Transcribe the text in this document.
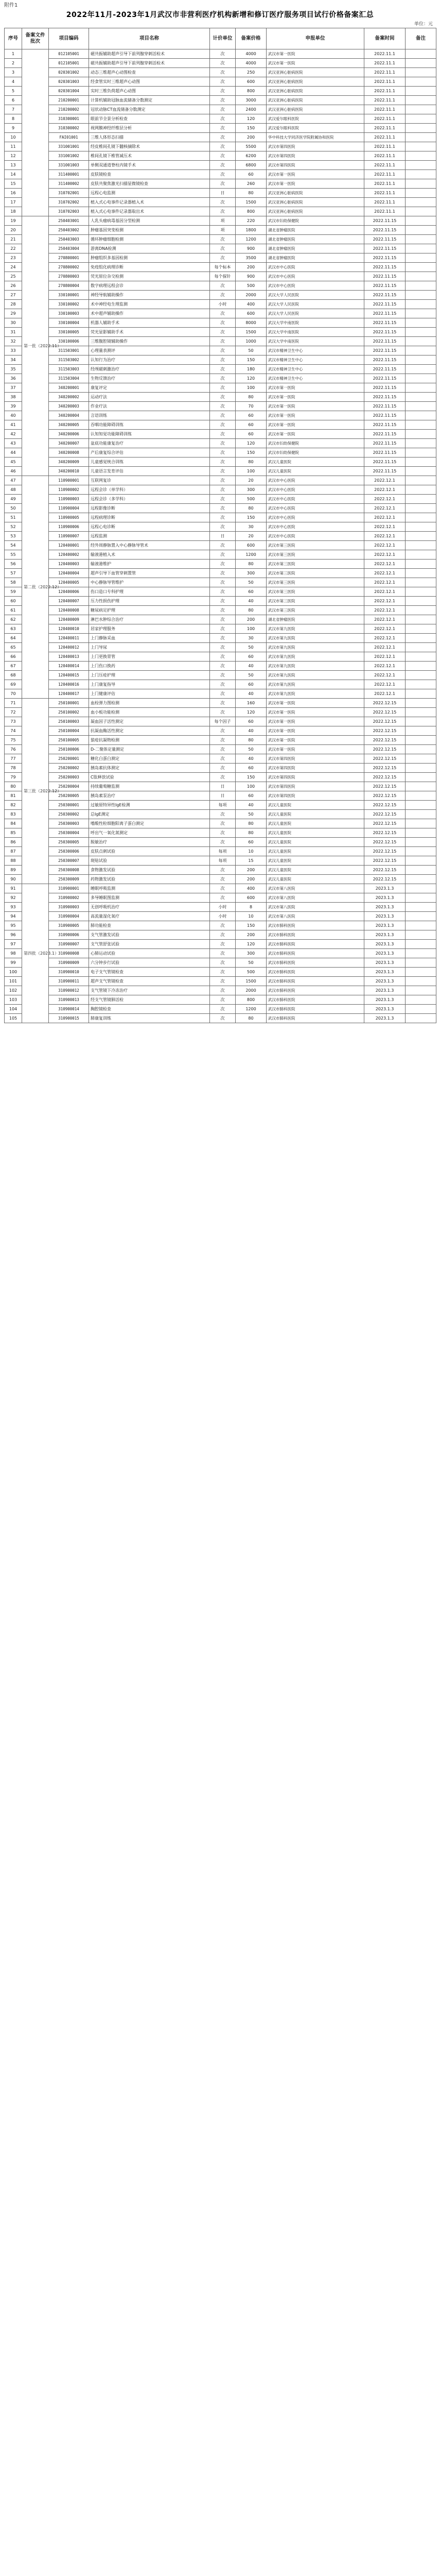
附件1
2022年11月-2023年1月武汉市非营利医疗机构新增和修订医疗服务项目试行价格备案汇总
单位：元
序号	备案文件批次	项目编码	项目名称	计价单位	备案价格	申报单位	备案时间	备注
1		012105001	磁共振辅助超声引导下前列腺穿刺活检术	次	4000	武汉市第一医院	2022.11.1	
2		012105001	磁共振辅助超声引导下前列腺穿刺活检术	次	4000	武汉市第一医院	2022.11.1	
3		020301002	动态三维超声心动图检查	次	250	武汉亚洲心脏病医院	2022.11.1	
4		020301003	经食管实时三维超声心动图	次	600	武汉亚洲心脏病医院	2022.11.1	
5		020301004	实时三维负荷超声心动图	次	800	武汉亚洲心脏病医院	2022.11.1	
6		210200001	计算机辅助冠脉血流储备分数测定	次	3000	武汉亚洲心脏病医院	2022.11.1	
7		210200002	冠状动脉CT血流储备分数测定	次	2400	武汉亚洲心脏病医院	2022.11.1	
8		310300001	眼前节全景分析检查	次	120	武汉爱尔眼科医院	2022.11.1	
9		310300002	视网膜神经纤维层分析	次	150	武汉爱尔眼科医院	2022.11.1	
10		FAI01001	三维人体形态扫描	次	200	华中科技大学同济医学院附属协和医院	2022.11.1	
11		331001001	经皮椎间孔镜下髓核摘除术	次	5500	武汉市第四医院	2022.11.1	
12		331001002	椎间孔镜下椎管减压术	次	6200	武汉市第四医院	2022.11.1	
13		331001003	单侧双通道脊柱内镜手术	次	6800	武汉市第四医院	2022.11.1	
14		311400001	皮肤镜检查	次	60	武汉市第一医院	2022.11.1	
15		311400002	皮肤共聚焦激光扫描显微镜检查	次	260	武汉市第一医院	2022.11.1	
16		310702001	远程心电监测	日	80	武汉亚洲心脏病医院	2022.11.1	
17		310702002	植入式心电事件记录器植入术	次	1500	武汉亚洲心脏病医院	2022.11.1	
18		310702003	植入式心电事件记录器取出术	次	800	武汉亚洲心脏病医院	2022.11.1	
19	第一批（2022.11）	250403001	人乳头瘤病毒基因分型检测	项	220	武汉市妇幼保健院	2022.11.15	
20		250403002	肿瘤基因突变检测	项	1800	湖北省肿瘤医院	2022.11.15	
21		250403003	循环肿瘤细胞检测	次	1200	湖北省肿瘤医院	2022.11.15	
22		250403004	游离DNA检测	次	900	湖北省肿瘤医院	2022.11.15	
23		270800001	肿瘤组织多基因检测	次	3500	湖北省肿瘤医院	2022.11.15	
24		270800002	免疫组化病理诊断	每个标本	200	武汉市中心医院	2022.11.15	
25		270800003	荧光原位杂交检测	每个探针	900	武汉市中心医院	2022.11.15	
26		270800004	数字病理远程会诊	次	500	武汉市中心医院	2022.11.15	
27		330100001	神经导航辅助操作	次	2000	武汉大学人民医院	2022.11.15	
28		330100002	术中神经电生理监测	小时	400	武汉大学人民医院	2022.11.15	
29		330100003	术中超声辅助操作	次	600	武汉大学人民医院	2022.11.15	
30		330100004	机器人辅助手术	次	8000	武汉大学中南医院	2022.11.15	
31		330100005	荧光显影辅助手术	次	1500	武汉大学中南医院	2022.11.15	
32		330100006	三维腹腔镜辅助操作	次	1000	武汉大学中南医院	2022.11.15	
33		311503001	心理量表测评	次	50	武汉市精神卫生中心	2022.11.15	
34		311503002	认知行为治疗	次	150	武汉市精神卫生中心	2022.11.15	
35		311503003	经颅磁刺激治疗	次	180	武汉市精神卫生中心	2022.11.15	
36		311503004	生物反馈治疗	次	120	武汉市精神卫生中心	2022.11.15	
37		340200001	康复评定	次	100	武汉市第一医院	2022.11.15	
38		340200002	运动疗法	次	80	武汉市第一医院	2022.11.15	
39		340200003	作业疗法	次	70	武汉市第一医院	2022.11.15	
40		340200004	言语训练	次	60	武汉市第一医院	2022.11.15	
41		340200005	吞咽功能障碍训练	次	60	武汉市第一医院	2022.11.15	
42		340200006	认知知觉功能障碍训练	次	60	武汉市第一医院	2022.11.15	
43		340200007	盆底功能康复治疗	次	120	武汉市妇幼保健院	2022.11.15	
44		340200008	产后康复综合评估	次	150	武汉市妇幼保健院	2022.11.15	
45		340200009	儿童感觉统合训练	次	80	武汉儿童医院	2022.11.15	
46		340200010	儿童语言发育评估	次	100	武汉儿童医院	2022.11.15	
47	第二批（2022.12）	110900001	互联网复诊	次	20	武汉市中心医院	2022.12.1	
48		110900002	远程会诊（单学科）	次	300	武汉市中心医院	2022.12.1	
49		110900003	远程会诊（多学科）	次	500	武汉市中心医院	2022.12.1	
50		110900004	远程影像诊断	次	80	武汉市中心医院	2022.12.1	
51		110900005	远程病理诊断	次	150	武汉市中心医院	2022.12.1	
52		110900006	远程心电诊断	次	30	武汉市中心医院	2022.12.1	
53		110900007	远程监测	日	20	武汉市中心医院	2022.12.1	
54		120400001	经外周静脉置入中心静脉导管术	次	600	武汉市第三医院	2022.12.1	
55		120400002	输液港植入术	次	1200	武汉市第三医院	2022.12.1	
56		120400003	输液港维护	次	80	武汉市第三医院	2022.12.1	
57		120400004	超声引导下血管穿刺置管	次	300	武汉市第三医院	2022.12.1	
58		120400005	中心静脉导管维护	次	50	武汉市第三医院	2022.12.1	
59		120400006	伤口造口专科护理	次	60	武汉市第三医院	2022.12.1	
60		120400007	压力性损伤护理	次	40	武汉市第三医院	2022.12.1	
61		120400008	糖尿病足护理	次	80	武汉市第三医院	2022.12.1	
62		120400009	淋巴水肿综合治疗	次	200	湖北省肿瘤医院	2022.12.1	
63		120400010	居家护理服务	次	100	武汉市第九医院	2022.12.1	
64		120400011	上门静脉采血	次	30	武汉市第九医院	2022.12.1	
65		120400012	上门导尿	次	50	武汉市第九医院	2022.12.1	
66		120400013	上门更换胃管	次	60	武汉市第九医院	2022.12.1	
67		120400014	上门伤口换药	次	40	武汉市第九医院	2022.12.1	
68		120400015	上门压疮护理	次	50	武汉市第九医院	2022.12.1	
69		120400016	上门康复指导	次	60	武汉市第九医院	2022.12.1	
70		120400017	上门健康评估	次	40	武汉市第九医院	2022.12.1	
71	第三批（2022.12）	250100001	血栓弹力图检测	次	160	武汉市第一医院	2022.12.15	
72		250100002	血小板功能检测	次	120	武汉市第一医院	2022.12.15	
73		250100003	凝血因子活性测定	每个因子	60	武汉市第一医院	2022.12.15	
74		250100004	抗凝血酶活性测定	次	40	武汉市第一医院	2022.12.15	
75		250100005	狼疮抗凝物检测	次	80	武汉市第一医院	2022.12.15	
76		250100006	D-二聚体定量测定	次	50	武汉市第一医院	2022.12.15	
77		250200001	糖化白蛋白测定	次	40	武汉市第四医院	2022.12.15	
78		250200002	胰岛素抗体测定	次	60	武汉市第四医院	2022.12.15	
79		250200003	C肽释放试验	次	150	武汉市第四医院	2022.12.15	
80		250200004	持续葡萄糖监测	日	100	武汉市第四医院	2022.12.15	
81		250200005	胰岛素泵治疗	日	60	武汉市第四医院	2022.12.15	
82		250300001	过敏原特异性IgE检测	每项	40	武汉儿童医院	2022.12.15	
83		250300002	总IgE测定	次	50	武汉儿童医院	2022.12.15	
84		250300003	嗜酸性粒细胞阳离子蛋白测定	次	80	武汉儿童医院	2022.12.15	
85		250300004	呼出气一氧化氮测定	次	80	武汉儿童医院	2022.12.15	
86		250300005	脱敏治疗	次	60	武汉儿童医院	2022.12.15	
87		250300006	皮肤点刺试验	每项	10	武汉儿童医院	2022.12.15	
88		250300007	斑贴试验	每项	15	武汉儿童医院	2022.12.15	
89		250300008	食物激发试验	次	200	武汉儿童医院	2022.12.15	
90		250300009	药物激发试验	次	200	武汉儿童医院	2022.12.15	
91	第四批（2023.1）	310900001	睡眠呼吸监测	次	400	武汉市第八医院	2023.1.3	
92		310900002	多导睡眠图监测	次	600	武汉市第八医院	2023.1.3	
93		310900003	无创呼吸机治疗	小时	8	武汉市第八医院	2023.1.3	
94		310900004	高流量湿化氧疗	小时	10	武汉市第八医院	2023.1.3	
95		310900005	肺功能检查	次	150	武汉市肺科医院	2023.1.3	
96		310900006	支气管激发试验	次	200	武汉市肺科医院	2023.1.3	
97		310900007	支气管舒张试验	次	120	武汉市肺科医院	2023.1.3	
98		310900008	心肺运动试验	次	300	武汉市肺科医院	2023.1.3	
99		310900009	六分钟步行试验	次	50	武汉市肺科医院	2023.1.3	
100		310900010	电子支气管镜检查	次	500	武汉市肺科医院	2023.1.3	
101		310900011	超声支气管镜检查	次	1500	武汉市肺科医院	2023.1.3	
102		310900012	支气管镜下冷冻治疗	次	2000	武汉市肺科医院	2023.1.3	
103		310900013	经支气管镜肺活检	次	800	武汉市肺科医院	2023.1.3	
104		310900014	胸腔镜检查	次	1200	武汉市肺科医院	2023.1.3	
105		310900015	肺康复训练	次	80	武汉市肺科医院	2023.1.3	
